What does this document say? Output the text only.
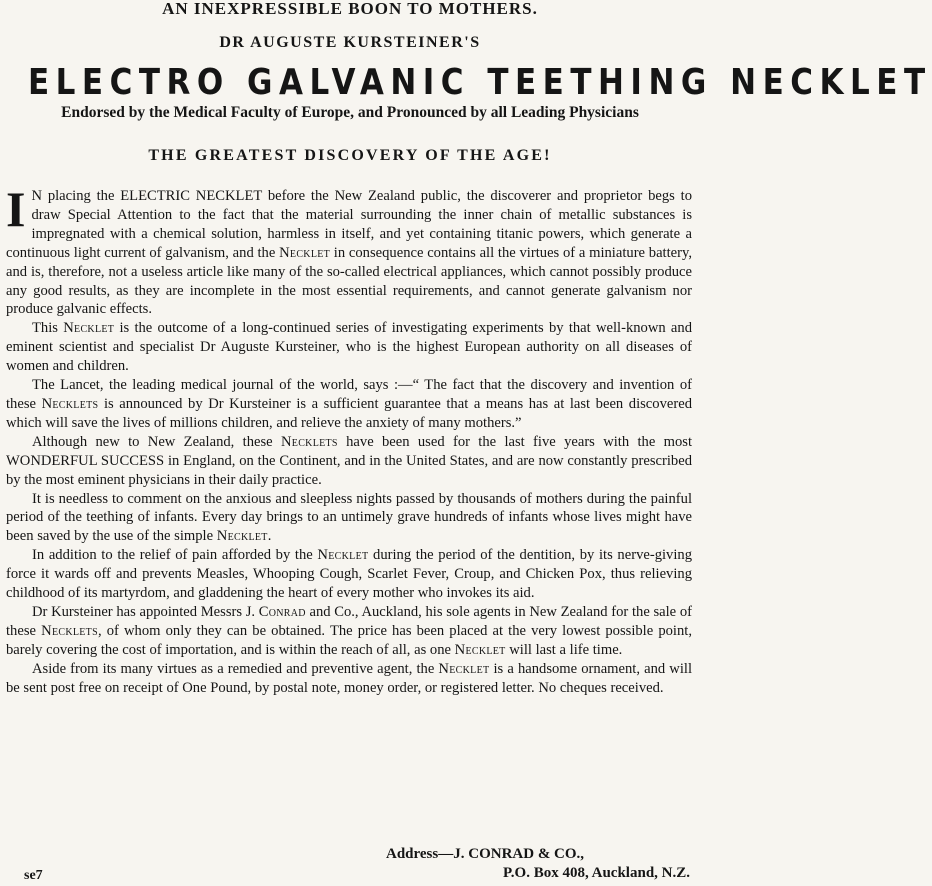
AN INEXPRESSIBLE BOON TO MOTHERS.
DR AUGUSTE KURSTEINER'S
ELECTRO GALVANIC TEETHING NECKLET
Endorsed by the Medical Faculty of Europe, and Pronounced by all Leading Physicians
THE GREATEST DISCOVERY OF THE AGE!

I N placing the ELECTRIC NECKLET before the New Zealand public, the discoverer and proprietor begs to draw Special Attention to the fact that the material surrounding the inner chain of metallic substances is impregnated with a chemical solution, harmless in itself, and yet containing titanic powers, which generate a continuous light current of galvanism, and the Necklet in consequence contains all the virtues of a miniature battery, and is, therefore, not a useless article like many of the so-called electrical appliances, which cannot possibly produce any good results, as they are incomplete in the most essential requirements, and cannot generate galvanism nor produce galvanic effects.

This Necklet is the outcome of a long-continued series of investigating experiments by that well-known and eminent scientist and specialist Dr Auguste Kursteiner, who is the highest European authority on all diseases of women and children.

The Lancet, the leading medical journal of the world, says :—“ The fact that the discovery and invention of these Necklets is announced by Dr Kursteiner is a sufficient guarantee that a means has at last been discovered which will save the lives of millions children, and relieve the anxiety of many mothers.”

Although new to New Zealand, these Necklets have been used for the last five years with the most WONDERFUL SUCCESS in England, on the Continent, and in the United States, and are now constantly prescribed by the most eminent physicians in their daily practice.

It is needless to comment on the anxious and sleepless nights passed by thousands of mothers during the painful period of the teething of infants. Every day brings to an untimely grave hundreds of infants whose lives might have been saved by the use of the simple Necklet.

In addition to the relief of pain afforded by the Necklet during the period of the dentition, by its nerve-giving force it wards off and prevents Measles, Whooping Cough, Scarlet Fever, Croup, and Chicken Pox, thus relieving childhood of its martyrdom, and gladdening the heart of every mother who invokes its aid.

Dr Kursteiner has appointed Messrs J. Conrad and Co., Auckland, his sole agents in New Zealand for the sale of these Necklets, of whom only they can be obtained. The price has been placed at the very lowest possible point, barely covering the cost of importation, and is within the reach of all, as one Necklet will last a life time.

Aside from its many virtues as a remedied and preventive agent, the Necklet is a handsome ornament, and will be sent post free on receipt of One Pound, by postal note, money order, or registered letter. No cheques received.

Address—J. CONRAD & CO.,
P.O. Box 408, Auckland, N.Z.
se7
